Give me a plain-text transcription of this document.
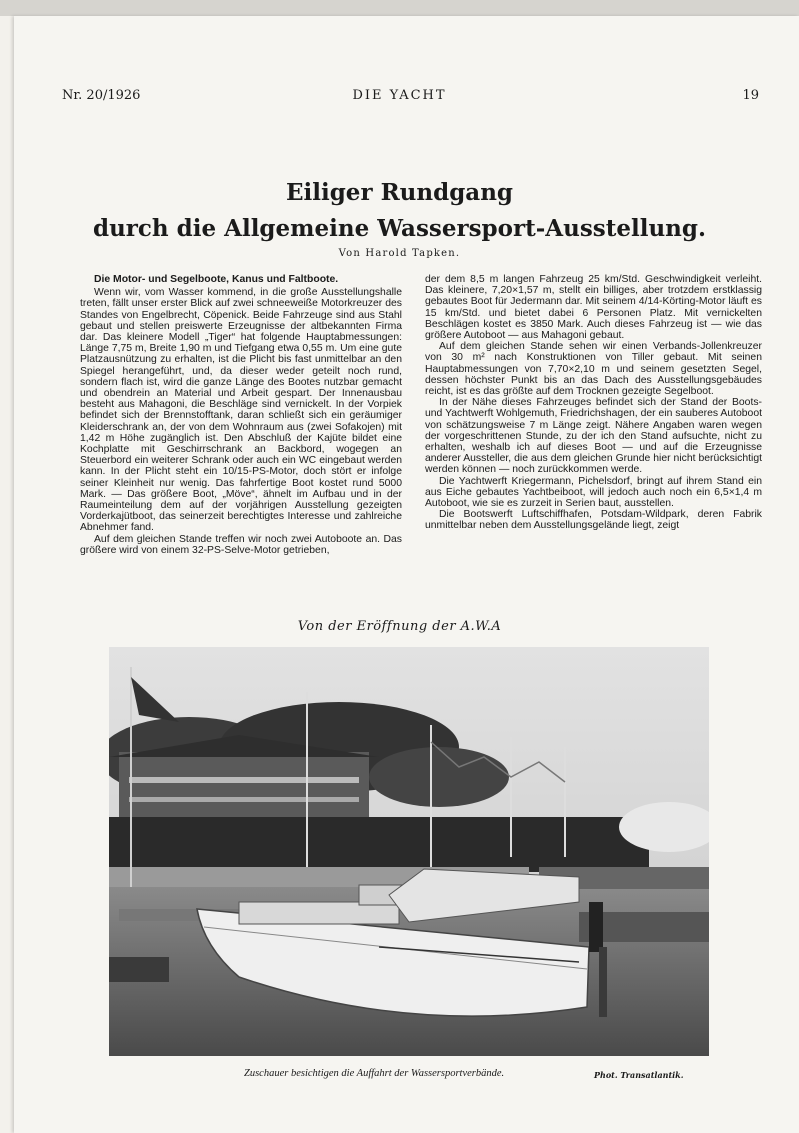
Nr. 20/1926	DIE YACHT	19
Eiliger Rundgang
durch die Allgemeine Wassersport-Ausstellung.
Von Harold Tapken.

Die Motor- und Segelboote, Kanus und Faltboote.

Wenn wir, vom Wasser kommend, in die große Ausstellungshalle treten, fällt unser erster Blick auf zwei schneeweiße Motorkreuzer des Standes von Engelbrecht, Cöpenick. Beide Fahrzeuge sind aus Stahl gebaut und stellen preiswerte Erzeugnisse der altbekannten Firma dar. Das kleinere Modell „Tiger“ hat folgende Hauptabmessungen: Länge 7,75 m, Breite 1,90 m und Tiefgang etwa 0,55 m. Um eine gute Platzausnützung zu erhalten, ist die Plicht bis fast unmittelbar an den Spiegel herangeführt, und, da dieser weder geteilt noch rund, sondern flach ist, wird die ganze Länge des Bootes nutzbar gemacht und obendrein an Material und Arbeit gespart. Der Innenausbau besteht aus Mahagoni, die Beschläge sind vernickelt. In der Vorpiek befindet sich der Brennstofftank, daran schließt sich ein geräumiger Kleiderschrank an, der von dem Wohnraum aus (zwei Sofakojen) mit 1,42 m Höhe zugänglich ist. Den Abschluß der Kajüte bildet eine Kochplatte mit Geschirrschrank an Backbord, wogegen an Steuerbord ein weiterer Schrank oder auch ein WC eingebaut werden kann. In der Plicht steht ein 10/15-PS-Motor, doch stört er infolge seiner Kleinheit nur wenig. Das fahrfertige Boot kostet rund 5000 Mark. — Das größere Boot, „Möve“, ähnelt im Aufbau und in der Raumeinteilung dem auf der vorjährigen Ausstellung gezeigten Vorderkajütboot, das seinerzeit berechtigtes Interesse und zahlreiche Abnehmer fand.

Auf dem gleichen Stande treffen wir noch zwei Autoboote an. Das größere wird von einem 32-PS-Selve-Motor getrieben,

der dem 8,5 m langen Fahrzeug 25 km/Std. Geschwindigkeit verleiht. Das kleinere, 7,20×1,57 m, stellt ein billiges, aber trotzdem erstklassig gebautes Boot für Jedermann dar. Mit seinem 4/14-Körting-Motor läuft es 15 km/Std. und bietet dabei 6 Personen Platz. Mit vernickelten Beschlägen kostet es 3850 Mark. Auch dieses Fahrzeug ist — wie das größere Autoboot — aus Mahagoni gebaut.

Auf dem gleichen Stande sehen wir einen Verbands-Jollenkreuzer von 30 m² nach Konstruktionen von Tiller gebaut. Mit seinen Hauptabmessungen von 7,70×2,10 m und seinem gesetzten Segel, dessen höchster Punkt bis an das Dach des Ausstellungsgebäudes reicht, ist es das größte auf dem Trocknen gezeigte Segelboot.

In der Nähe dieses Fahrzeuges befindet sich der Stand der Boots- und Yachtwerft Wohlgemuth, Friedrichshagen, der ein sauberes Autoboot von schätzungsweise 7 m Länge zeigt. Nähere Angaben waren wegen der vorgeschrittenen Stunde, zu der ich den Stand aufsuchte, nicht zu erhalten, weshalb ich auf dieses Boot — und auf die Erzeugnisse anderer Aussteller, die aus dem gleichen Grunde hier nicht berücksichtigt werden können — noch zurückkommen werde.

Die Yachtwerft Kriegermann, Pichelsdorf, bringt auf ihrem Stand ein aus Eiche gebautes Yachtbeiboot, will jedoch auch noch ein 6,5×1,4 m Autoboot, wie sie es zurzeit in Serien baut, ausstellen.

Die Bootswerft Luftschiffhafen, Potsdam-Wildpark, deren Fabrik unmittelbar neben dem Ausstellungsgelände liegt, zeigt

Von der Eröffnung der A.W.A
Zuschauer besichtigen die Auffahrt der Wassersportverbände.	Phot. Transatlantik.
